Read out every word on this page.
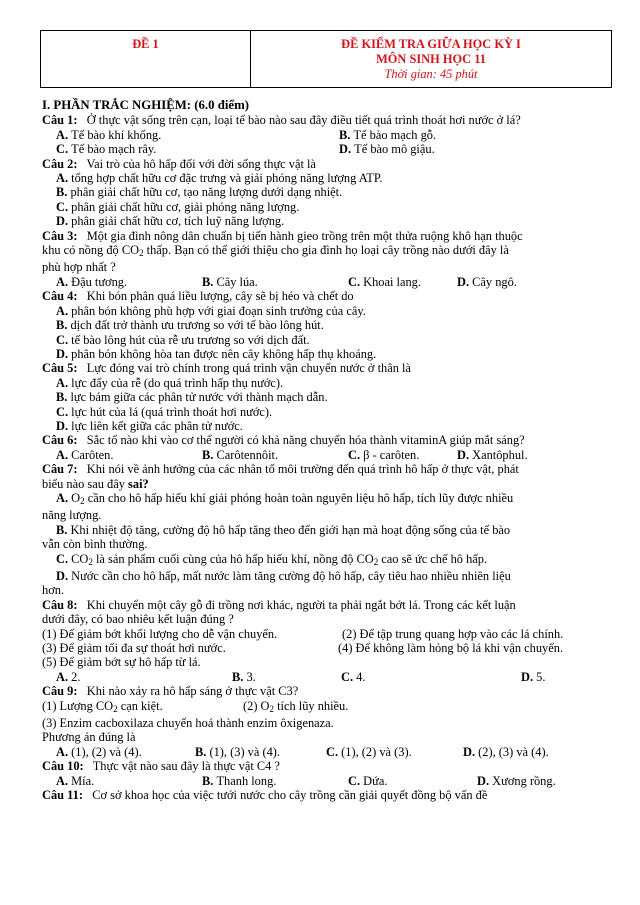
ĐỀ 1	ĐỀ KIỂM TRA GIỮA HỌC KỲ I
MÔN SINH HỌC 11
Thời gian: 45 phút
I. PHẦN TRẮC NGHIỆM: (6.0 điểm)
Câu 1: Ở thực vật sống trên cạn, loại tế bào nào sau đây điều tiết quá trình thoát hơi nước ở lá?
A. Tế bào khí khổng.	B. Tế bào mạch gỗ.
C. Tế bào mạch rây.	D. Tế bào mô giậu.
Câu 2: Vai trò của hô hấp đối với đời sống thực vật là
A. tổng hợp chất hữu cơ đặc trưng và giải phóng năng lượng ATP.
B. phân giải chất hữu cơ, tạo năng lượng dưới dạng nhiệt.
C. phân giải chất hữu cơ, giải phóng năng lượng.
D. phân giải chất hữu cơ, tích luỹ năng lượng.
Câu 3: Một gia đình nông dân chuẩn bị tiến hành gieo trồng trên một thửa ruộng khô hạn thuộc
khu có nồng độ $CO_2$ thấp. Bạn có thể giới thiệu cho gia đình họ loại cây trồng nào dưới đây là
phù hợp nhất ?
A. Đậu tương.	B. Cây lúa.	C. Khoai lang.	D. Cây ngô.
Câu 4: Khi bón phân quá liều lượng, cây sẽ bị héo và chết do
A. phân bón không phù hợp với giai đoạn sinh trưởng của cây.
B. dịch đất trở thành ưu trương so với tế bào lông hút.
C. tế bào lông hút của rễ ưu trương so với dịch đất.
D. phân bón không hòa tan được nên cây không hấp thụ khoáng.
Câu 5: Lực đóng vai trò chính trong quá trình vận chuyển nước ở thân là
A. lực đẩy của rễ (do quá trình hấp thụ nước).
B. lực bám giữa các phân tử nước với thành mạch dẫn.
C. lực hút của lá (quá trình thoát hơi nước).
D. lực liên kết giữa các phân tử nước.
Câu 6: Sắc tố nào khi vào cơ thể người có khả năng chuyển hóa thành vitaminA giúp mắt sáng?
A. Carôten.	B. Carôtennôit.	C. β - carôten.	D. Xantôphul.
Câu 7: Khi nói về ảnh hưởng của các nhân tố môi trường đến quá trình hô hấp ở thực vật, phát
biểu nào sau đây sai?
A. $O_2$ cần cho hô hấp hiếu khí giải phóng hoàn toàn nguyên liệu hô hấp, tích lũy được nhiều
năng lượng.
B. Khi nhiệt độ tăng, cường độ hô hấp tăng theo đến giới hạn mà hoạt động sống của tế bào
vẫn còn bình thường.
C. $CO_2$ là sản phẩm cuối cùng của hô hấp hiếu khí, nồng độ $CO_2$ cao sẽ ức chế hô hấp.
D. Nước cần cho hô hấp, mất nước làm tăng cường độ hô hấp, cây tiêu hao nhiều nhiên liệu
hơn.
Câu 8: Khi chuyển một cây gỗ đi trồng nơi khác, người ta phải ngắt bớt lá. Trong các kết luận
dưới đây, có bao nhiêu kết luận đúng ?
(1) Để giảm bớt khối lượng cho dễ vận chuyển.	(2) Để tập trung quang hợp vào các lá chính.
(3) Để giảm tối đa sự thoát hơi nước.	(4) Để không làm hỏng bộ lá khi vận chuyển.
(5) Để giảm bớt sự hô hấp từ lá.
A. 2.	B. 3.	C. 4.	D. 5.
Câu 9: Khi nào xảy ra hô hấp sáng ở thực vật C3?
(1) Lượng $CO_2$ cạn kiệt.	(2) $O_2$ tích lũy nhiều.
(3) Enzim cacboxilaza chuyển hoá thành enzim ôxigenaza.
Phương án đúng là
A. (1), (2) và (4).	B. (1), (3) và (4).	C. (1), (2) và (3).	D. (2), (3) và (4).
Câu 10: Thực vật nào sau đây là thực vật C4 ?
A. Mía.	B. Thanh long.	C. Dứa.	D. Xương rồng.
Câu 11: Cơ sở khoa học của việc tưới nước cho cây trồng cần giải quyết đồng bộ vấn đề
